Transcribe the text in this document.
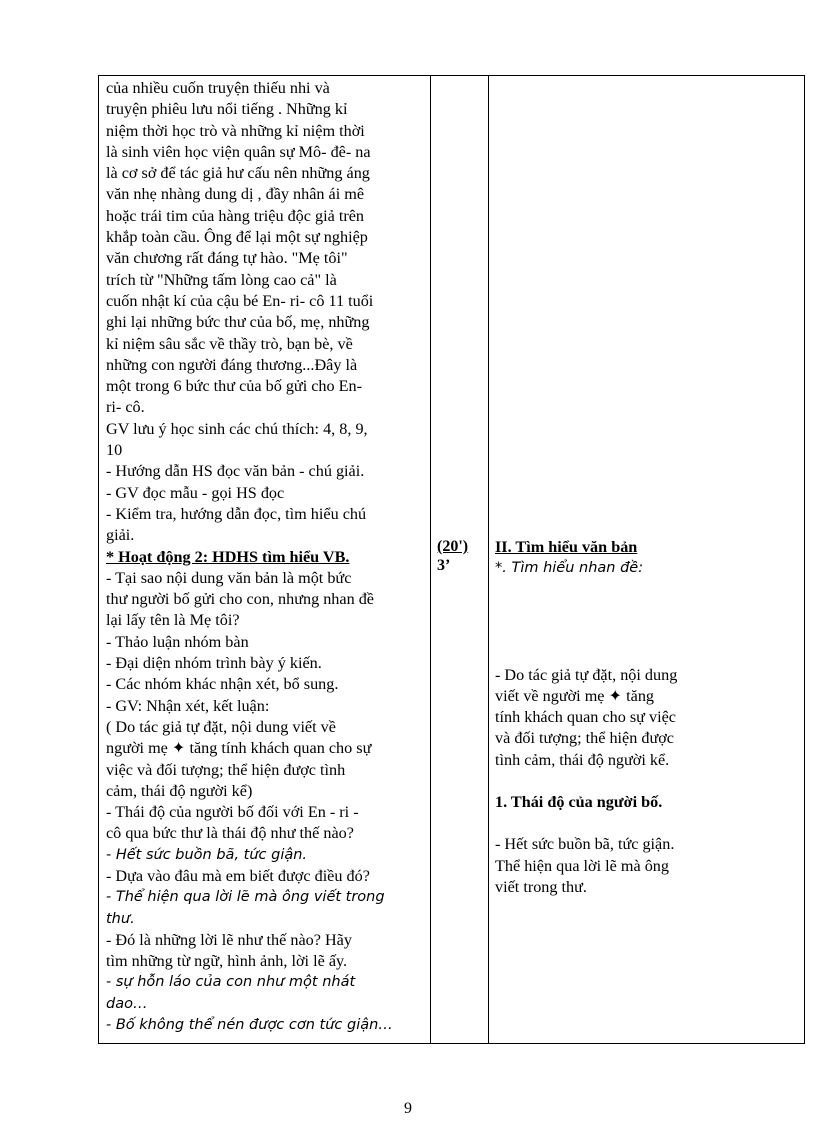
của nhiều cuốn truyện thiếu nhi và

truyện phiêu lưu nổi tiếng . Những kỉ

niệm thời học trò và những kỉ niệm thời

là sinh viên học viện quân sự Mô- đê- na

là cơ sở để tác giả hư cấu nên những áng

văn nhẹ nhàng dung dị , đầy nhân ái mê

hoặc trái tim của hàng triệu độc giả trên

khắp toàn cầu. Ông để lại một sự nghiệp

văn chương rất đáng tự hào. "Mẹ tôi"

trích từ "Những tấm lòng cao cả" là

cuốn nhật kí của cậu bé En- ri- cô 11 tuổi

ghi lại những bức thư của bố, mẹ, những

kỉ niệm sâu sắc về thầy trò, bạn bè, về

những con người đáng thương...Đây là

một trong 6 bức thư của bố gửi cho En-

ri- cô.

GV lưu ý học sinh các chú thích: 4, 8, 9,

10

- Hướng dẫn HS đọc văn bản - chú giải.

- GV đọc mẫu - gọi HS đọc

- Kiểm tra, hướng dẫn đọc, tìm hiểu chú

giải.

* Hoạt động 2: HDHS tìm hiểu VB.

- Tại sao nội dung văn bản là một bức

thư người bố gửi cho con, nhưng nhan đề

lại lấy tên là Mẹ tôi?

- Thảo luận nhóm bàn

- Đại diện nhóm trình bày ý kiến.

- Các nhóm khác nhận xét, bổ sung.

- GV: Nhận xét, kết luận:

( Do tác giả tự đặt, nội dung viết về

người mẹ ✦ tăng tính khách quan cho sự

việc và đối tượng; thể hiện được tình

cảm, thái độ người kể)

- Thái độ của người bố đối với En - ri -

cô qua bức thư là thái độ như thế nào?

- Hết sức buồn bã, tức giận.

- Dựa vào đâu mà em biết được điều đó?

- Thể hiện qua lời lẽ mà ông viết trong

thư.

- Đó là những lời lẽ như thế nào? Hãy

tìm những từ ngữ, hình ảnh, lời lẽ ấy.

- sự hỗn láo của con như một nhát

dao…

- Bố không thể nén được cơn tức giận…

(20')
3’

II. Tìm hiểu văn bản

*. Tìm hiểu nhan đề:

- Do tác giả tự đặt, nội dung

viết về người mẹ ✦ tăng

tính khách quan cho sự việc

và đối tượng; thể hiện được

tình cảm, thái độ người kể.

1. Thái độ của người bố.

- Hết sức buồn bã, tức giận.

Thể hiện qua lời lẽ mà ông

viết trong thư.

9
